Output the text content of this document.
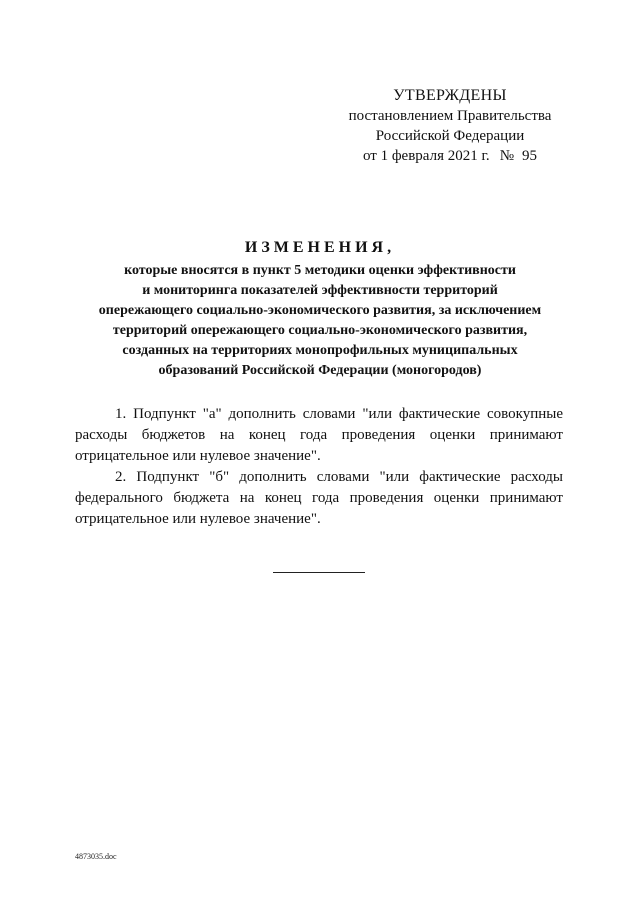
УТВЕРЖДЕНЫ
постановлением Правительства
Российской Федерации
от 1 февраля 2021 г. № 95
ИЗМЕНЕНИЯ,
которые вносятся в пункт 5 методики оценки эффективности
и мониторинга показателей эффективности территорий
опережающего социально-экономического развития, за исключением
территорий опережающего социально-экономического развития,
созданных на территориях монопрофильных муниципальных
образований Российской Федерации (моногородов)

1. Подпункт "а" дополнить словами "или фактические совокупные расходы бюджетов на конец года проведения оценки принимают отрицательное или нулевое значение".

2. Подпункт "б" дополнить словами "или фактические расходы федерального бюджета на конец года проведения оценки принимают отрицательное или нулевое значение".

4873035.doc
